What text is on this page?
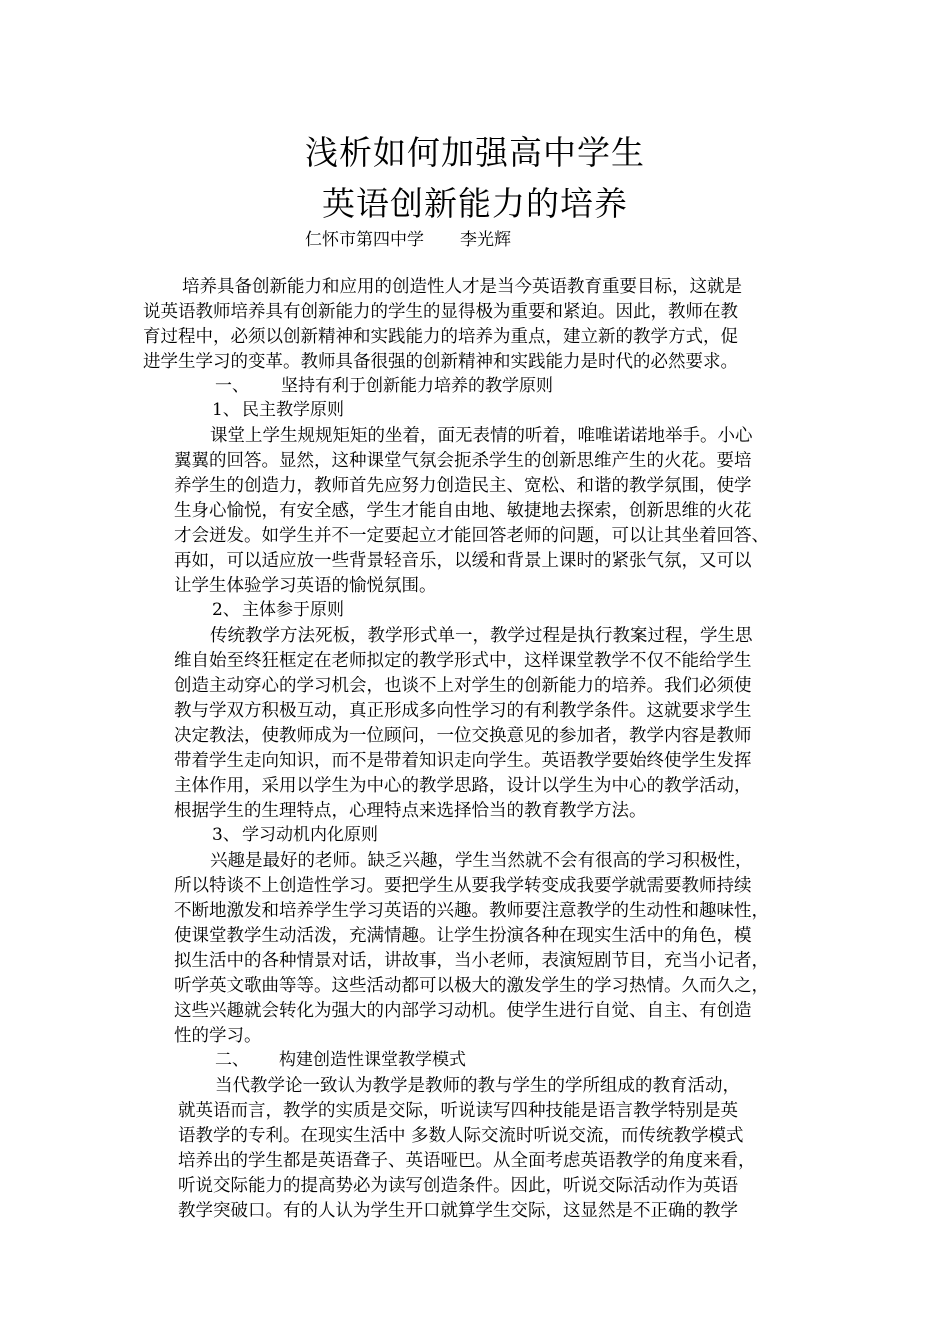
浅析如何加强高中学生
英语创新能力的培养
仁怀市第四中学 李光辉
培养具备创新能力和应用的创造性人才是当今英语教育重要目标，这就是
说英语教师培养具有创新能力的学生的显得极为重要和紧迫。因此，教师在教
育过程中，必须以创新精神和实践能力的培养为重点，建立新的教学方式，促
进学生学习的变革。教师具备很强的创新精神和实践能力是时代的必然要求。
一、 坚持有利于创新能力培养的教学原则
1、 民主教学原则
课堂上学生规规矩矩的坐着，面无表情的听着，唯唯诺诺地举手。小心
翼翼的回答。显然，这种课堂气氛会扼杀学生的创新思维产生的火花。要培
养学生的创造力，教师首先应努力创造民主、宽松、和谐的教学氛围，使学
生身心愉悦，有安全感，学生才能自由地、敏捷地去探索，创新思维的火花
才会迸发。如学生并不一定要起立才能回答老师的问题，可以让其坐着回答、
再如，可以适应放一些背景轻音乐，以缓和背景上课时的紧张气氛，又可以
让学生体验学习英语的愉悦氛围。
2、 主体参于原则
传统教学方法死板，教学形式单一，教学过程是执行教案过程，学生思
维自始至终狂框定在老师拟定的教学形式中，这样课堂教学不仅不能给学生
创造主动穿心的学习机会，也谈不上对学生的创新能力的培养。我们必须使
教与学双方积极互动，真正形成多向性学习的有利教学条件。这就要求学生
决定教法，使教师成为一位顾问，一位交换意见的参加者，教学内容是教师
带着学生走向知识，而不是带着知识走向学生。英语教学要始终使学生发挥
主体作用，采用以学生为中心的教学思路，设计以学生为中心的教学活动，
根据学生的生理特点，心理特点来选择恰当的教育教学方法。
3、 学习动机内化原则
兴趣是最好的老师。缺乏兴趣，学生当然就不会有很高的学习积极性，
所以特谈不上创造性学习。要把学生从要我学转变成我要学就需要教师持续
不断地激发和培养学生学习英语的兴趣。教师要注意教学的生动性和趣味性，
使课堂教学生动活泼，充满情趣。让学生扮演各种在现实生活中的角色，模
拟生活中的各种情景对话，讲故事，当小老师，表演短剧节目，充当小记者，
听学英文歌曲等等。这些活动都可以极大的激发学生的学习热情。久而久之，
这些兴趣就会转化为强大的内部学习动机。使学生进行自觉、自主、有创造
性的学习。
二、 构建创造性课堂教学模式
当代教学论一致认为教学是教师的教与学生的学所组成的教育活动，
就英语而言，教学的实质是交际，听说读写四种技能是语言教学特别是英
语教学的专利。在现实生活中 多数人际交流时听说交流，而传统教学模式
培养出的学生都是英语聋子、英语哑巴。从全面考虑英语教学的角度来看，
听说交际能力的提高势必为读写创造条件。因此，听说交际活动作为英语
教学突破口。有的人认为学生开口就算学生交际，这显然是不正确的教学
